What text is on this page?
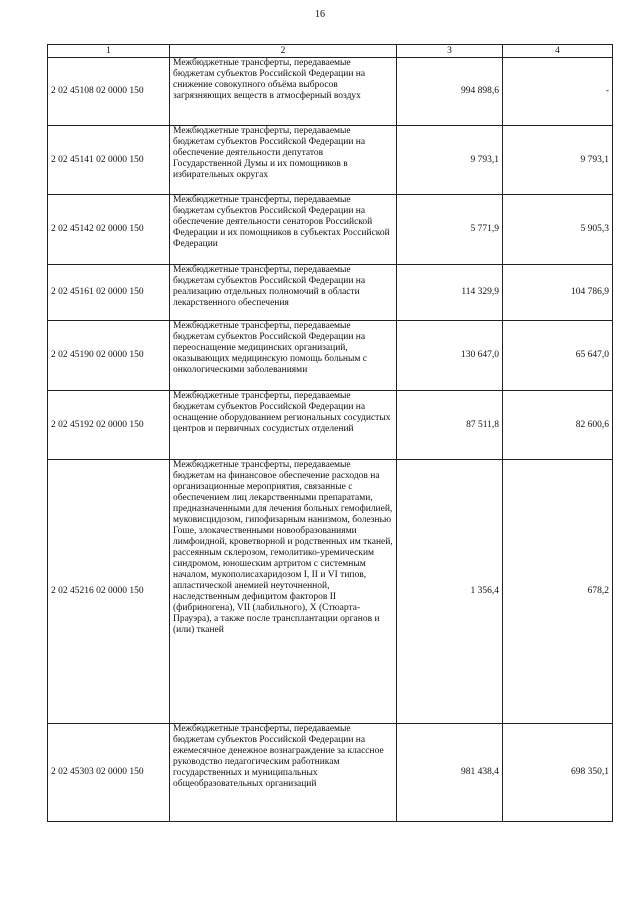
16
1	2	3	4
2 02 45108 02 0000 150	Межбюджетные трансферты, передаваемые бюджетам субъектов Российской Федерации на снижение совокупного объёма выбросов загрязняющих веществ в атмосферный воздух	994 898,6	-
2 02 45141 02 0000 150	Межбюджетные трансферты, передаваемые бюджетам субъектов Российской Федерации на обеспечение деятельности депутатов Государственной Думы и их помощников в избирательных округах	9 793,1	9 793,1
2 02 45142 02 0000 150	Межбюджетные трансферты, передаваемые бюджетам субъектов Российской Федерации на обеспечение деятельности сенаторов Российской Федерации и их помощников в субъектах Российской Федерации	5 771,9	5 905,3
2 02 45161 02 0000 150	Межбюджетные трансферты, передаваемые бюджетам субъектов Российской Федерации на реализацию отдельных полномочий в области лекарственного обеспечения	114 329,9	104 786,9
2 02 45190 02 0000 150	Межбюджетные трансферты, передаваемые бюджетам субъектов Российской Федерации на переоснащение медицинских организаций, оказывающих медицинскую помощь больным с онкологическими заболеваниями	130 647,0	65 647,0
2 02 45192 02 0000 150	Межбюджетные трансферты, передаваемые бюджетам субъектов Российской Федерации на оснащение оборудованием региональных сосудистых центров и первичных сосудистых отделений	87 511,8	82 600,6
2 02 45216 02 0000 150	Межбюджетные трансферты, передаваемые бюджетам на финансовое обеспечение расходов на организационные мероприятия, связанные с обеспечением лиц лекарственными препаратами, предназначенными для лечения больных гемофилией, муковисцидозом, гипофизарным нанизмом, болезнью Гоше, злокачественными новообразованиями лимфоидной, кроветворной и родственных им тканей, рассеянным склерозом, гемолитико-уремическим синдромом, юношеским артритом с системным началом, мукополисахаридозом I, II и VI типов, апластической анемией неуточненной, наследственным дефицитом факторов II (фибриногена), VII (лабильного), X (Стюарта-Прауэра), а также после трансплантации органов и (или) тканей	1 356,4	678,2
2 02 45303 02 0000 150	Межбюджетные трансферты, передаваемые бюджетам субъектов Российской Федерации на ежемесячное денежное вознаграждение за классное руководство педагогическим работникам государственных и муниципальных общеобразовательных организаций	981 438,4	698 350,1
